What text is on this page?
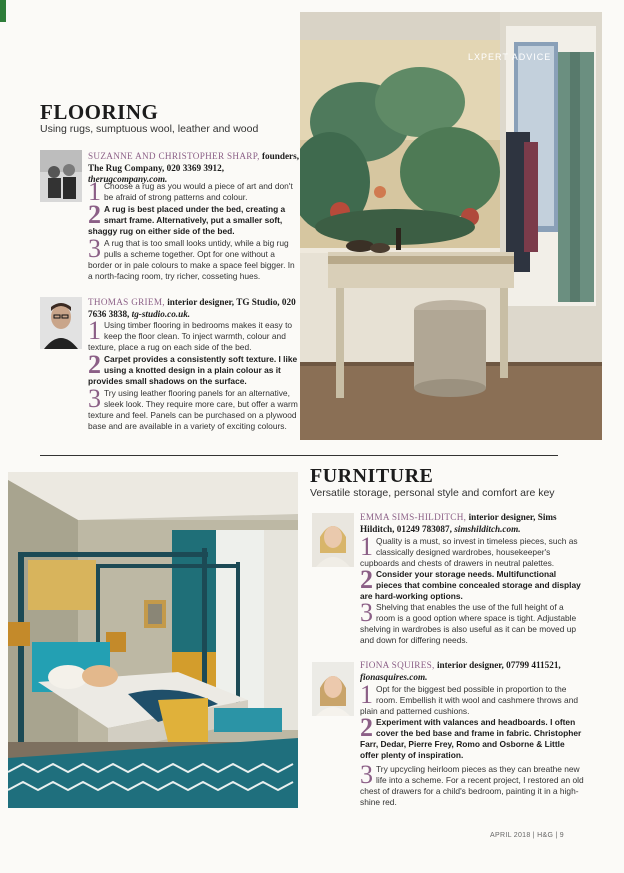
FLOORING
Using rugs, sumptuous wool, leather and wood
SUZANNE AND CHRISTOPHER SHARP, founders, The Rug Company, 020 3369 3912, therugcompany.com.
1 Choose a rug as you would a piece of art and don't be afraid of strong patterns and colour.
2 A rug is best placed under the bed, creating a smart frame. Alternatively, put a smaller soft, shaggy rug on either side of the bed.
3 A rug that is too small looks untidy, while a big rug pulls a scheme together. Opt for one without a border or in pale colours to make a space feel bigger. In a north-facing room, try richer, cosseting hues.
THOMAS GRIEM, interior designer, TG Studio, 020 7636 3838, tg-studio.co.uk.
1 Using timber flooring in bedrooms makes it easy to keep the floor clean. To inject warmth, colour and texture, place a rug on each side of the bed.
2 Carpet provides a consistently soft texture. I like using a knotted design in a plain colour as it provides small shadows on the surface.
3 Try using leather flooring panels for an alternative, sleek look. They require more care, but offer a warm texture and feel. Panels can be purchased on a plywood base and are available in a variety of exciting colours.
LXPERT ADVICE
FURNITURE
Versatile storage, personal style and comfort are key
EMMA SIMS-HILDITCH, interior designer, Sims Hilditch, 01249 783087, simshilditch.com.
1 Quality is a must, so invest in timeless pieces, such as classically designed wardrobes, housekeeper's cupboards and chests of drawers in neutral palettes.
2 Consider your storage needs. Multifunctional pieces that combine concealed storage and display are hard-working options.
3 Shelving that enables the use of the full height of a room is a good option where space is tight. Adjustable shelving in wardrobes is also useful as it can be moved up and down for differing needs.
FIONA SQUIRES, interior designer, 07799 411521, fionasquires.com.
1 Opt for the biggest bed possible in proportion to the room. Embellish it with wool and cashmere throws and plain and patterned cushions.
2 Experiment with valances and headboards. I often cover the bed base and frame in fabric. Christopher Farr, Dedar, Pierre Frey, Romo and Osborne & Little offer plenty of inspiration.
3 Try upcycling heirloom pieces as they can breathe new life into a scheme. For a recent project, I restored an old chest of drawers for a child's bedroom, painting it in a high-shine red.
APRIL 2018 | H&G | 9
